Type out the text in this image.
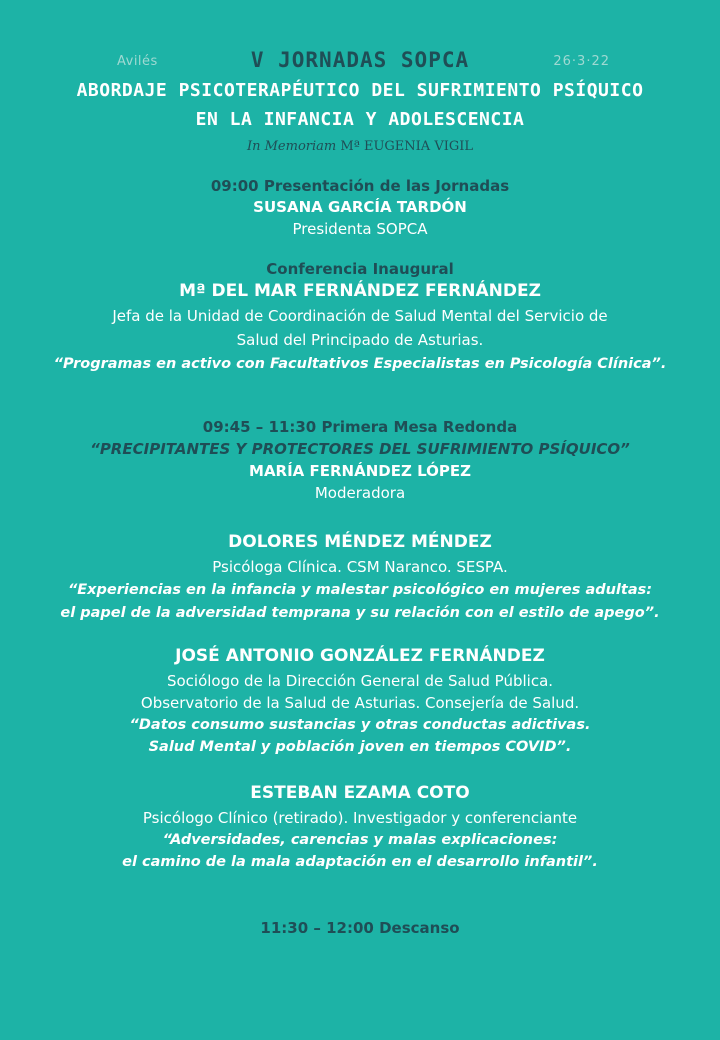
Avilés	V JORNADAS SOPCA	26·3·22
ABORDAJE PSICOTERAPÉUTICO DEL SUFRIMIENTO PSÍQUICO
EN LA INFANCIA Y ADOLESCENCIA
In Memoriam Mª EUGENIA VIGIL
09:00 Presentación de las Jornadas
SUSANA GARCÍA TARDÓN
Presidenta SOPCA
Conferencia Inaugural
Mª DEL MAR FERNÁNDEZ FERNÁNDEZ
Jefa de la Unidad de Coordinación de Salud Mental del Servicio de
Salud del Principado de Asturias.
“Programas en activo con Facultativos Especialistas en Psicología Clínica”.
09:45 – 11:30 Primera Mesa Redonda
“PRECIPITANTES Y PROTECTORES DEL SUFRIMIENTO PSÍQUICO”
MARÍA FERNÁNDEZ LÓPEZ
Moderadora
DOLORES MÉNDEZ MÉNDEZ
Psicóloga Clínica. CSM Naranco. SESPA.
“Experiencias en la infancia y malestar psicológico en mujeres adultas:
el papel de la adversidad temprana y su relación con el estilo de apego”.
JOSÉ ANTONIO GONZÁLEZ FERNÁNDEZ
Sociólogo de la Dirección General de Salud Pública.
Observatorio de la Salud de Asturias. Consejería de Salud.
“Datos consumo sustancias y otras conductas adictivas.
Salud Mental y población joven en tiempos COVID”.
ESTEBAN EZAMA COTO
Psicólogo Clínico (retirado). Investigador y conferenciante
“Adversidades, carencias y malas explicaciones:
el camino de la mala adaptación en el desarrollo infantil”.
11:30 – 12:00 Descanso
